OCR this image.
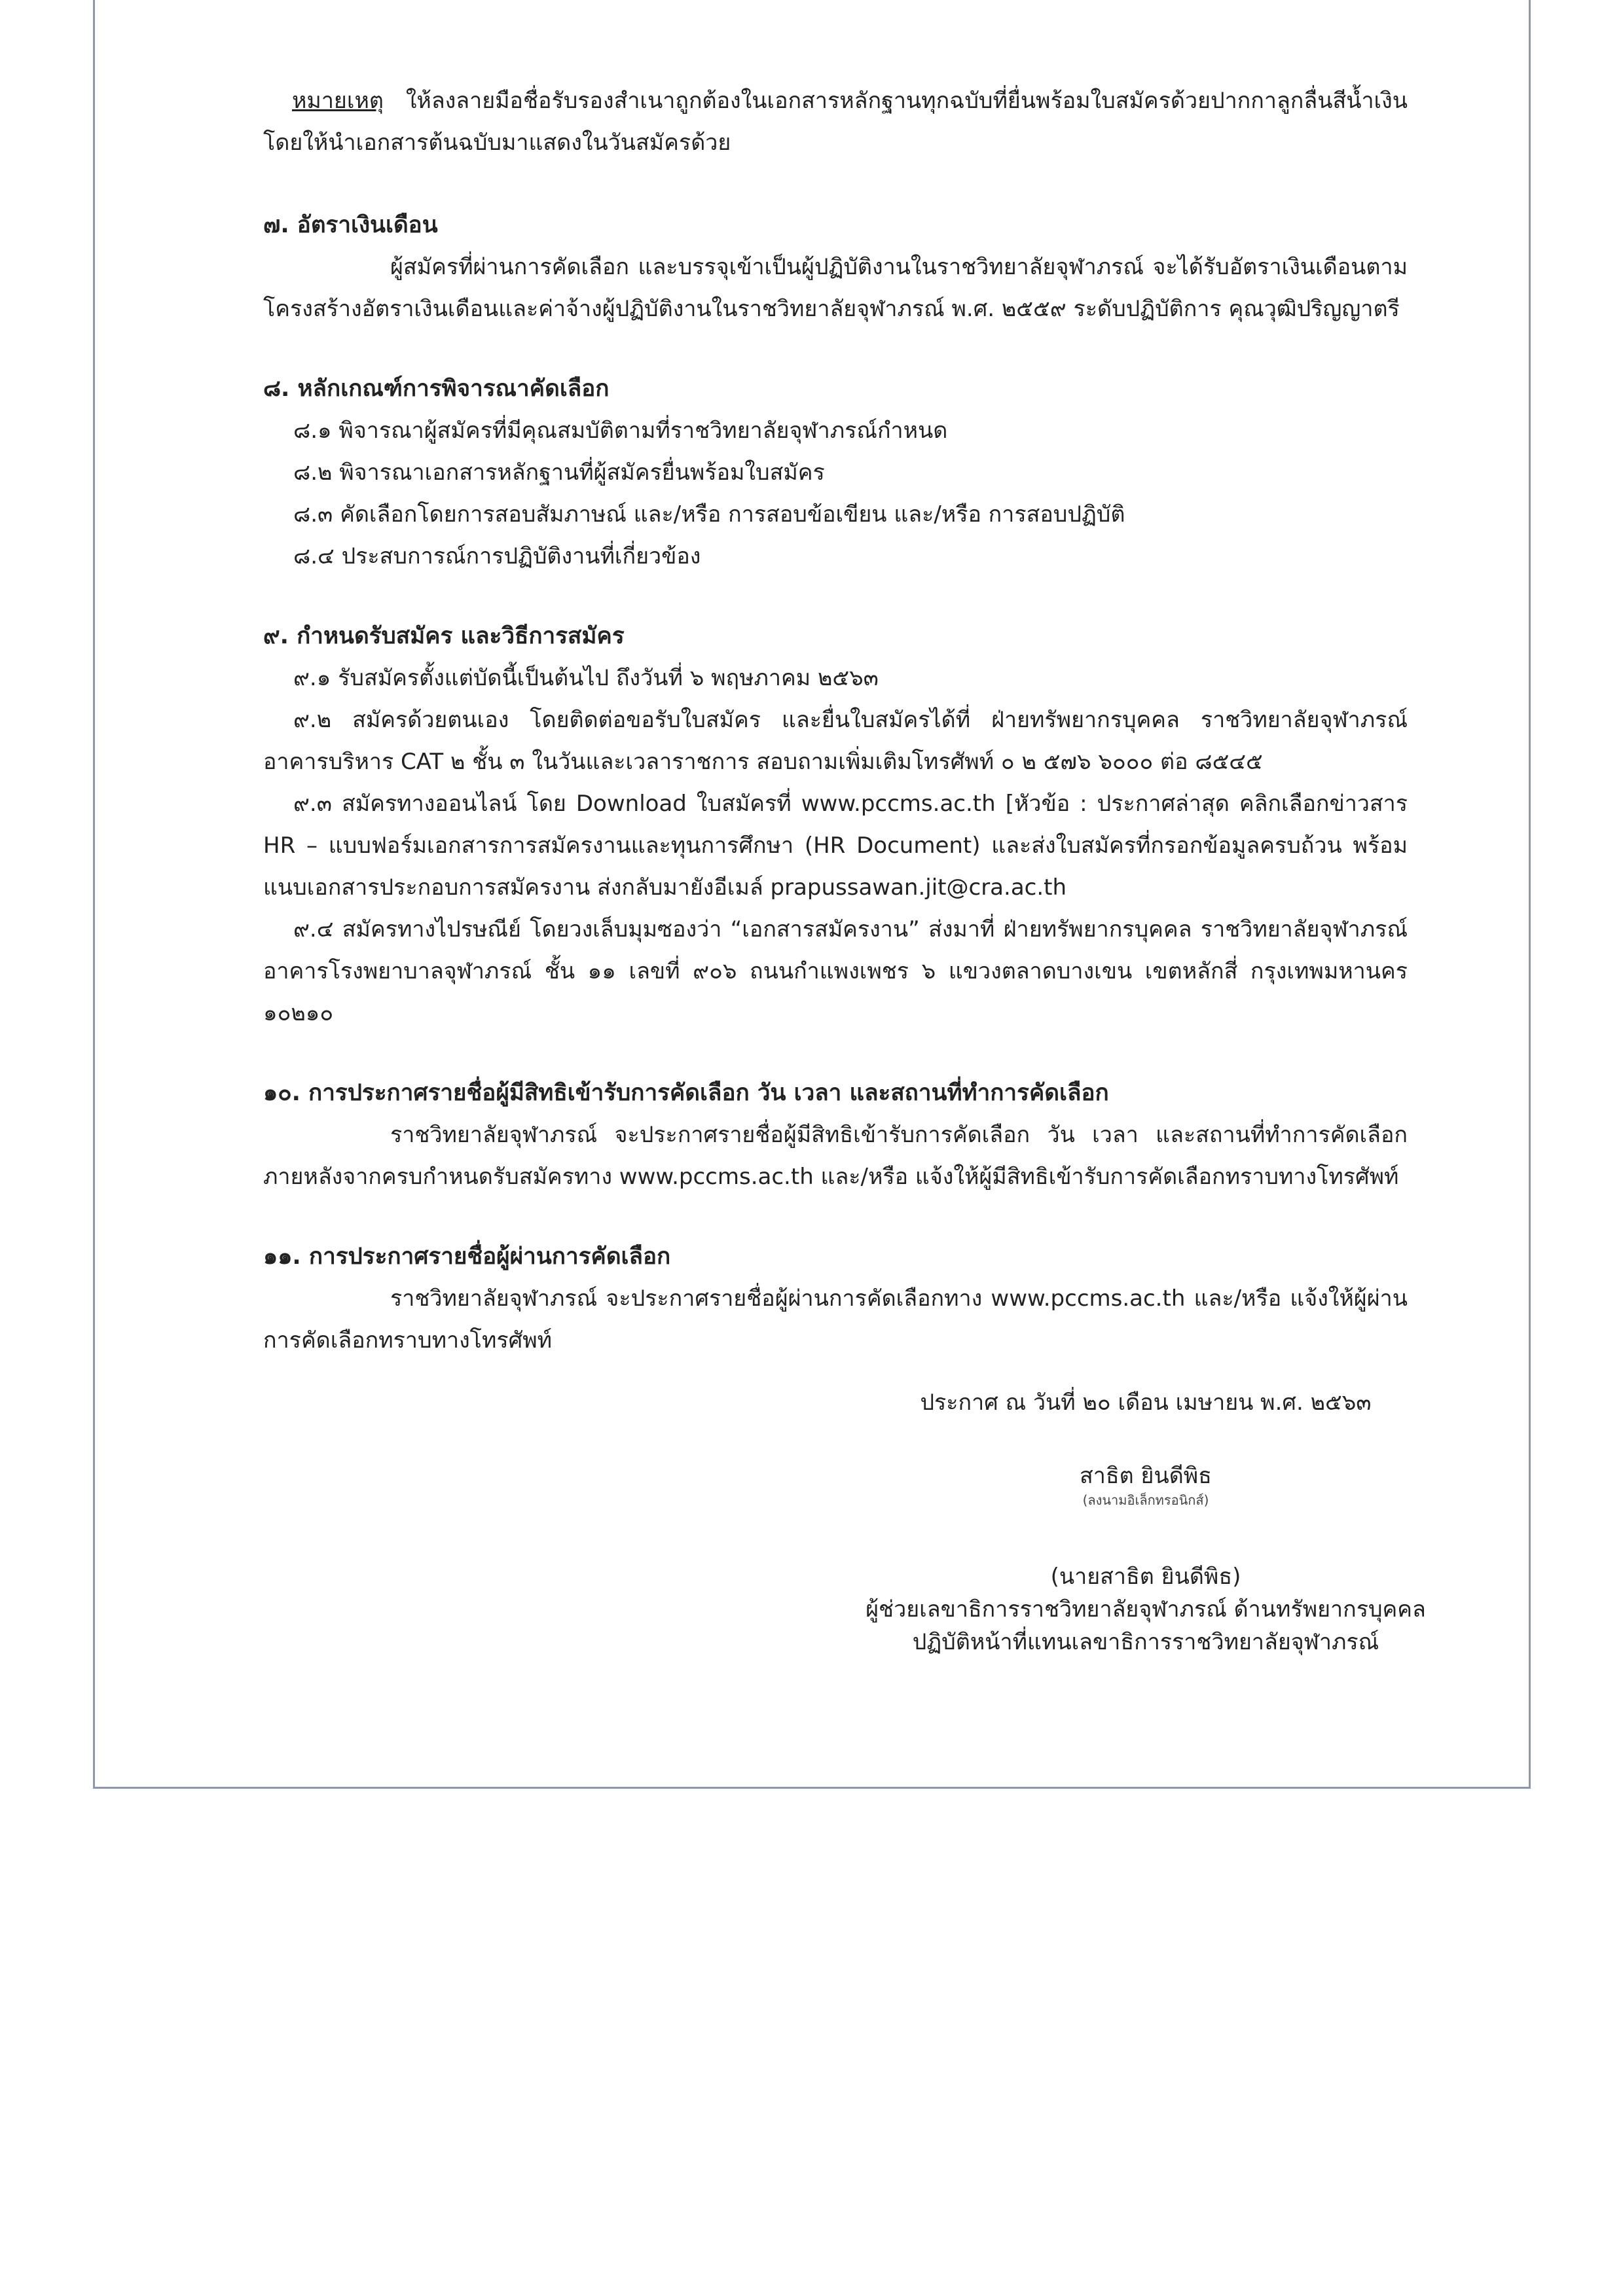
หมายเหตุ ให้ลงลายมือชื่อรับรองสำเนาถูกต้องในเอกสารหลักฐานทุกฉบับที่ยื่นพร้อมใบสมัครด้วยปากกาลูกลื่นสีน้ำเงิน โดยให้นำเอกสารต้นฉบับมาแสดงในวันสมัครด้วย

๗. อัตราเงินเดือน

ผู้สมัครที่ผ่านการคัดเลือก และบรรจุเข้าเป็นผู้ปฏิบัติงานในราชวิทยาลัยจุฬาภรณ์ จะได้รับอัตราเงินเดือนตามโครงสร้างอัตราเงินเดือนและค่าจ้างผู้ปฏิบัติงานในราชวิทยาลัยจุฬาภรณ์ พ.ศ. ๒๕๕๙ ระดับปฏิบัติการ คุณวุฒิปริญญาตรี

๘. หลักเกณฑ์การพิจารณาคัดเลือก

๘.๑ พิจารณาผู้สมัครที่มีคุณสมบัติตามที่ราชวิทยาลัยจุฬาภรณ์กำหนด

๘.๒ พิจารณาเอกสารหลักฐานที่ผู้สมัครยื่นพร้อมใบสมัคร

๘.๓ คัดเลือกโดยการสอบสัมภาษณ์ และ/หรือ การสอบข้อเขียน และ/หรือ การสอบปฏิบัติ

๘.๔ ประสบการณ์การปฏิบัติงานที่เกี่ยวข้อง

๙. กำหนดรับสมัคร และวิธีการสมัคร

๙.๑ รับสมัครตั้งแต่บัดนี้เป็นต้นไป ถึงวันที่ ๖ พฤษภาคม ๒๕๖๓

๙.๒ สมัครด้วยตนเอง โดยติดต่อขอรับใบสมัคร และยื่นใบสมัครได้ที่ ฝ่ายทรัพยากรบุคคล ราชวิทยาลัยจุฬาภรณ์ อาคารบริหาร CAT ๒ ชั้น ๓ ในวันและเวลาราชการ สอบถามเพิ่มเติมโทรศัพท์ ๐ ๒ ๕๗๖ ๖๐๐๐ ต่อ ๘๕๔๕

๙.๓ สมัครทางออนไลน์ โดย Download ใบสมัครที่ www.pccms.ac.th [หัวข้อ : ประกาศล่าสุด คลิกเลือกข่าวสาร HR – แบบฟอร์มเอกสารการสมัครงานและทุนการศึกษา (HR Document) และส่งใบสมัครที่กรอกข้อมูลครบถ้วน พร้อมแนบเอกสารประกอบการสมัครงาน ส่งกลับมายังอีเมล์ prapussawan.jit@cra.ac.th

๙.๔ สมัครทางไปรษณีย์ โดยวงเล็บมุมซองว่า “เอกสารสมัครงาน” ส่งมาที่ ฝ่ายทรัพยากรบุคคล ราชวิทยาลัยจุฬาภรณ์ อาคารโรงพยาบาลจุฬาภรณ์ ชั้น ๑๑ เลขที่ ๙๐๖ ถนนกำแพงเพชร ๖ แขวงตลาดบางเขน เขตหลักสี่ กรุงเทพมหานคร ๑๐๒๑๐

๑๐. การประกาศรายชื่อผู้มีสิทธิเข้ารับการคัดเลือก วัน เวลา และสถานที่ทำการคัดเลือก

ราชวิทยาลัยจุฬาภรณ์ จะประกาศรายชื่อผู้มีสิทธิเข้ารับการคัดเลือก วัน เวลา และสถานที่ทำการคัดเลือก ภายหลังจากครบกำหนดรับสมัครทาง www.pccms.ac.th และ/หรือ แจ้งให้ผู้มีสิทธิเข้ารับการคัดเลือกทราบทางโทรศัพท์

๑๑. การประกาศรายชื่อผู้ผ่านการคัดเลือก

ราชวิทยาลัยจุฬาภรณ์ จะประกาศรายชื่อผู้ผ่านการคัดเลือกทาง www.pccms.ac.th และ/หรือ แจ้งให้ผู้ผ่านการคัดเลือกทราบทางโทรศัพท์

ประกาศ ณ วันที่ ๒๐ เดือน เมษายน พ.ศ. ๒๕๖๓

สาธิต ยินดีพิธ

(ลงนามอิเล็กทรอนิกส์)

(นายสาธิต ยินดีพิธ)

ผู้ช่วยเลขาธิการราชวิทยาลัยจุฬาภรณ์ ด้านทรัพยากรบุคคล

ปฏิบัติหน้าที่แทนเลขาธิการราชวิทยาลัยจุฬาภรณ์
